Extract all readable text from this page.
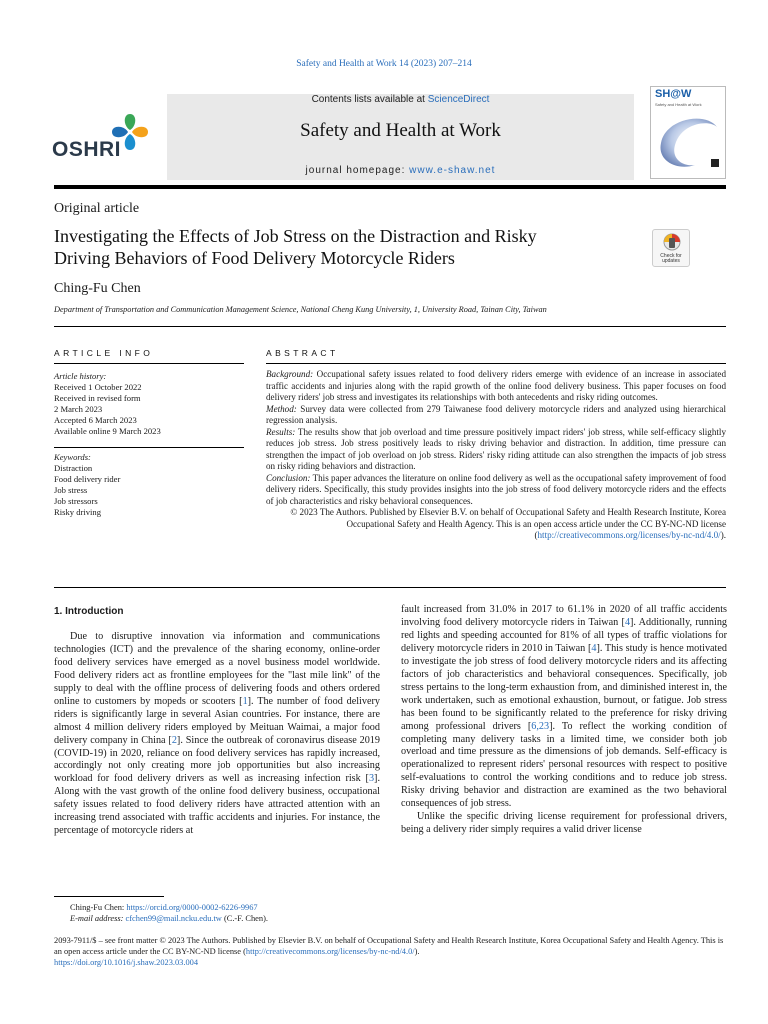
Safety and Health at Work 14 (2023) 207–214
OSHRI
Contents lists available at ScienceDirect
Safety and Health at Work
journal homepage: www.e-shaw.net
SH@W
Safety and Health at Work
Original article
Investigating the Effects of Job Stress on the Distraction and Risky
Driving Behaviors of Food Delivery Motorcycle Riders	Check for updates
Ching-Fu Chen
Department of Transportation and Communication Management Science, National Cheng Kung University, 1, University Road, Tainan City, Taiwan
ARTICLE INFO	ABSTRACT
Article history:
Received 1 October 2022
Received in revised form
2 March 2023
Accepted 6 March 2023
Available online 9 March 2023
Keywords:
Distraction
Food delivery rider
Job stress
Job stressors
Risky driving

Background: Occupational safety issues related to food delivery riders emerge with evidence of an increase in associated traffic accidents and injuries along with the rapid growth of the online food delivery business. This paper focuses on food delivery riders' job stress and investigates its relationships with both antecedents and risky riding outcomes.

Method: Survey data were collected from 279 Taiwanese food delivery motorcycle riders and analyzed using hierarchical regression analysis.

Results: The results show that job overload and time pressure positively impact riders' job stress, while self-efficacy slightly reduces job stress. Job stress positively leads to risky driving behavior and distraction. In addition, time pressure can strengthen the impact of job overload on job stress. Riders' risky riding attitude can also strengthen the impacts of job stress on risky riding behaviors and distraction.

Conclusion: This paper advances the literature on online food delivery as well as the occupational safety improvement of food delivery riders. Specifically, this study provides insights into the job stress of food delivery motorcycle riders and the effects of job characteristics and risky behavioral consequences.

© 2023 The Authors. Published by Elsevier B.V. on behalf of Occupational Safety and Health Research Institute, Korea Occupational Safety and Health Agency. This is an open access article under the CC BY-NC-ND license (http://creativecommons.org/licenses/by-nc-nd/4.0/).

1. Introduction

Due to disruptive innovation via information and communications technologies (ICT) and the prevalence of the sharing economy, online-order food delivery services have emerged as a novel business model worldwide. Food delivery riders act as frontline employees for the "last mile link" of the supply to deal with the offline process of delivering foods and others ordered online to customers by mopeds or scooters [1]. The number of food delivery riders is significantly large in several Asian countries. For instance, there are almost 4 million delivery riders employed by Meituan Waimai, a major food delivery company in China [2]. Since the outbreak of coronavirus disease 2019 (COVID-19) in 2020, reliance on food delivery services has rapidly increased, accordingly not only creating more job opportunities but also increasing workload for food delivery drivers as well as increasing infection risk [3]. Along with the vast growth of the online food delivery business, occupational safety issues related to food delivery riders have attracted attention with an increasing trend associated with traffic accidents and injuries. For instance, the percentage of motorcycle riders at

fault increased from 31.0% in 2017 to 61.1% in 2020 of all traffic accidents involving food delivery motorcycle riders in Taiwan [4]. Additionally, running red lights and speeding accounted for 81% of all types of traffic violations for delivery motorcycle riders in 2010 in Taiwan [4]. This study is hence motivated to investigate the job stress of food delivery motorcycle riders and its affecting factors of job characteristics and behavioral consequences. Specifically, job stress pertains to the long-term exhaustion from, and diminished interest in, the work undertaken, such as emotional exhaustion, burnout, or fatigue. Job stress has been found to be significantly related to the preference for risky driving among professional drivers [6,23]. To reflect the working condition of completing many delivery tasks in a limited time, we consider both job overload and time pressure as the dimensions of job demands. Self-efficacy is operationalized to represent riders' personal resources with respect to positive self-evaluations to control the working conditions and to reduce job stress. Risky driving behavior and distraction are examined as the two behavioral consequences of job stress.

Unlike the specific driving license requirement for professional drivers, being a delivery rider simply requires a valid driver license

Ching-Fu Chen: https://orcid.org/0000-0002-6226-9967
E-mail address: cfchen99@mail.ncku.edu.tw (C.-F. Chen).
2093-7911/$ – see front matter © 2023 The Authors. Published by Elsevier B.V. on behalf of Occupational Safety and Health Research Institute, Korea Occupational Safety and Health Agency. This is an open access article under the CC BY-NC-ND license (http://creativecommons.org/licenses/by-nc-nd/4.0/).
https://doi.org/10.1016/j.shaw.2023.03.004
